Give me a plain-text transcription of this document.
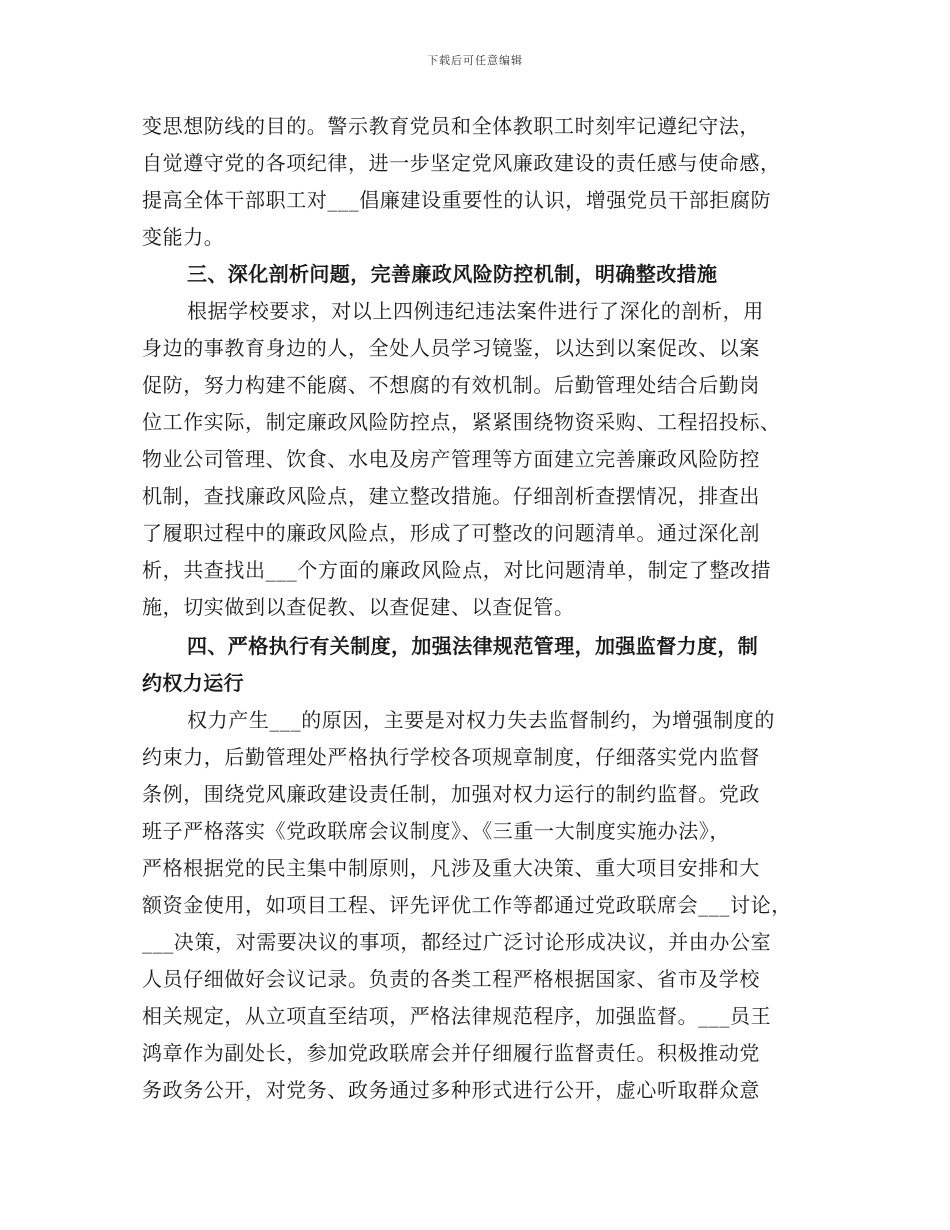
下载后可任意编辑
变思想防线的目的。警示教育党员和全体教职工时刻牢记遵纪守法，
自觉遵守党的各项纪律，进一步坚定党风廉政建设的责任感与使命感，
提高全体干部职工对___倡廉建设重要性的认识，增强党员干部拒腐防
变能力。
三、深化剖析问题，完善廉政风险防控机制，明确整改措施
根据学校要求，对以上四例违纪违法案件进行了深化的剖析，用
身边的事教育身边的人，全处人员学习镜鉴，以达到以案促改、以案
促防，努力构建不能腐、不想腐的有效机制。后勤管理处结合后勤岗
位工作实际，制定廉政风险防控点，紧紧围绕物资采购、工程招投标、
物业公司管理、饮食、水电及房产管理等方面建立完善廉政风险防控
机制，查找廉政风险点，建立整改措施。仔细剖析查摆情况，排查出
了履职过程中的廉政风险点，形成了可整改的问题清单。通过深化剖
析，共查找出___个方面的廉政风险点，对比问题清单，制定了整改措
施，切实做到以查促教、以查促建、以查促管。
四、严格执行有关制度，加强法律规范管理，加强监督力度，制
约权力运行
权力产生___的原因，主要是对权力失去监督制约，为增强制度的
约束力，后勤管理处严格执行学校各项规章制度，仔细落实党内监督
条例，围绕党风廉政建设责任制，加强对权力运行的制约监督。党政
班子严格落实《党政联席会议制度》、《三重一大制度实施办法》，
严格根据党的民主集中制原则，凡涉及重大决策、重大项目安排和大
额资金使用，如项目工程、评先评优工作等都通过党政联席会___讨论，
___决策，对需要决议的事项，都经过广泛讨论形成决议，并由办公室
人员仔细做好会议记录。负责的各类工程严格根据国家、省市及学校
相关规定，从立项直至结项，严格法律规范程序，加强监督。___员王
鸿章作为副处长，参加党政联席会并仔细履行监督责任。积极推动党
务政务公开，对党务、政务通过多种形式进行公开，虚心听取群众意
